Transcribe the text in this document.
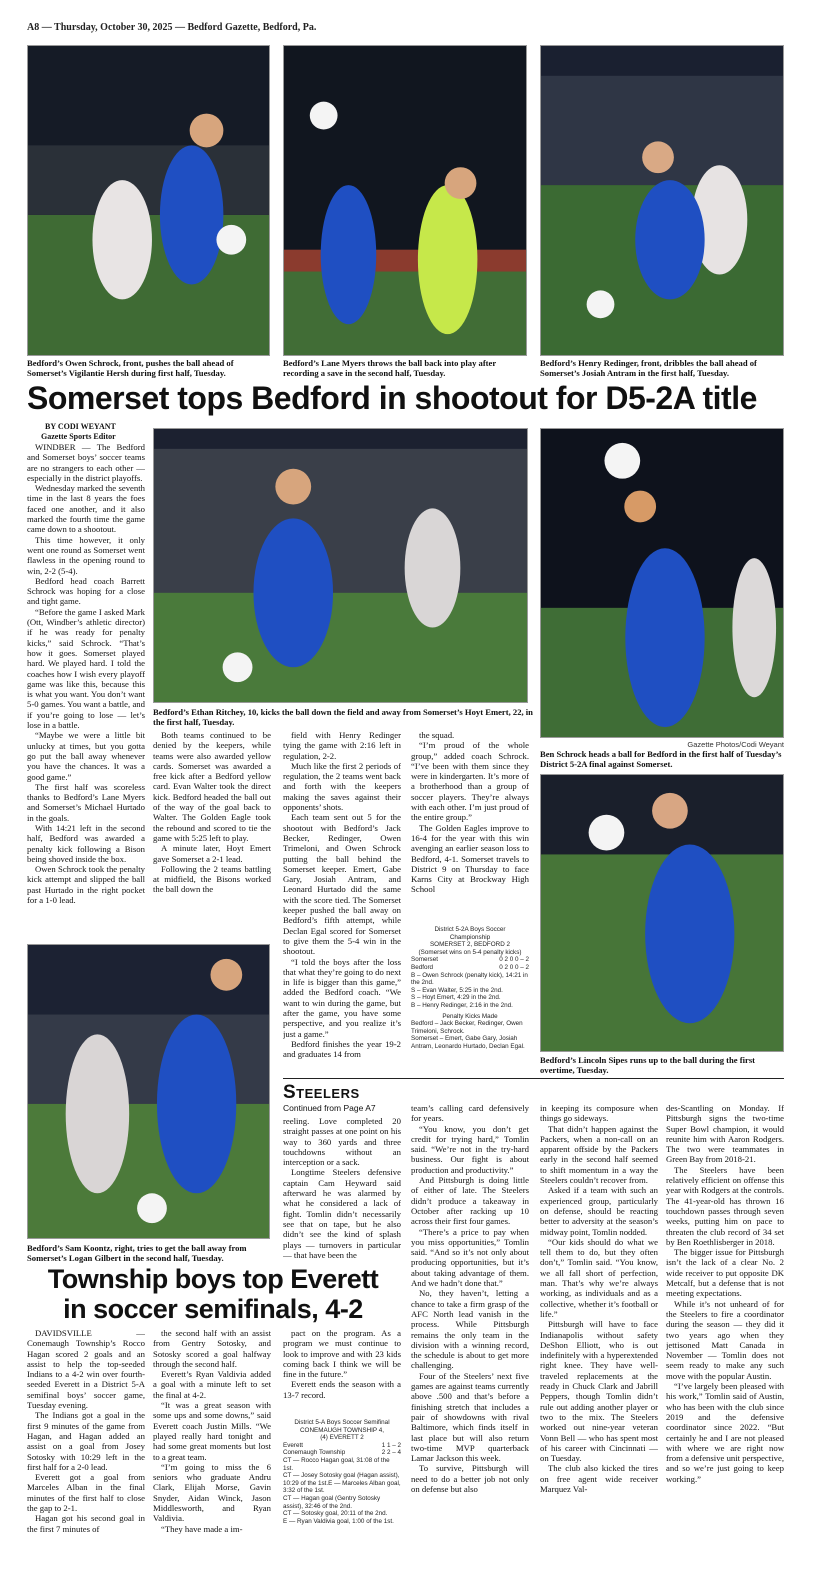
A8 — Thursday, October 30, 2025 — Bedford Gazette, Bedford, Pa.
Bedford’s Owen Schrock, front, pushes the ball ahead of Somerset’s Vigilantie Hersh during first half, Tuesday.
Bedford’s Lane Myers throws the ball back into play after recording a save in the second half, Tuesday.
Bedford’s Henry Redinger, front, dribbles the ball ahead of Somerset’s Josiah Antram in the first half, Tuesday.
Somerset tops Bedford in shootout for D5-2A title
Bedford’s Ethan Ritchey, 10, kicks the ball down the field and away from Somerset’s Hoyt Emert, 22, in the first half, Tuesday.
Gazette Photos/Codi Weyant
Ben Schrock heads a ball for Bedford in the first half of Tuesday’s District 5-2A final against Somerset.
Bedford’s Lincoln Sipes runs up to the ball during the first overtime, Tuesday.
Bedford’s Sam Koontz, right, tries to get the ball away from Somerset’s Logan Gilbert in the second half, Tuesday.
BY CODI WEYANT
Gazette Sports Editor

WINDBER — The Bedford and Somerset boys’ soccer teams are no strangers to each other — especially in the district playoffs.

Wednesday marked the seventh time in the last 8 years the foes faced one another, and it also marked the fourth time the game came down to a shootout.

This time however, it only went one round as Somerset went flawless in the opening round to win, 2-2 (5-4).

Bedford head coach Barrett Schrock was hoping for a close and tight game.

“Before the game I asked Mark (Ott, Windber’s athletic director) if he was ready for penalty kicks,” said Schrock. “That’s how it goes. Somerset played hard. We played hard. I told the coaches how I wish every playoff game was like this, because this is what you want. You don’t want 5-0 games. You want a battle, and if you’re going to lose — let’s lose in a battle.

“Maybe we were a little bit unlucky at times, but you gotta go put the ball away whenever you have the chances. It was a good game.”

The first half was scoreless thanks to Bedford’s Lane Myers and Somerset’s Michael Hurtado in the goals.

With 14:21 left in the second half, Bedford was awarded a penalty kick following a Bison being shoved inside the box.

Owen Schrock took the penalty kick attempt and slipped the ball past Hurtado in the right pocket for a 1-0 lead.

Both teams continued to be denied by the keepers, while teams were also awarded yellow cards. Somerset was awarded a free kick after a Bedford yellow card. Evan Walter took the direct kick. Bedford headed the ball out of the way of the goal back to Walter. The Golden Eagle took the rebound and scored to tie the game with 5:25 left to play.

A minute later, Hoyt Emert gave Somerset a 2-1 lead.

Following the 2 teams battling at midfield, the Bisons worked the ball down the

field with Henry Redinger tying the game with 2:16 left in regulation, 2-2.

Much like the first 2 periods of regulation, the 2 teams went back and forth with the keepers making the saves against their opponents’ shots.

Each team sent out 5 for the shootout with Bedford’s Jack Becker, Redinger, Owen Trimeloni, and Owen Schrock putting the ball behind the Somerset keeper. Emert, Gabe Gary, Josiah Antram, and Leonard Hurtado did the same with the score tied. The Somerset keeper pushed the ball away on Bedford’s fifth attempt, while Declan Egal scored for Somerset to give them the 5-4 win in the shootout.

“I told the boys after the loss that what they’re going to do next in life is bigger than this game,” added the Bedford coach. “We want to win during the game, but after the game, you have some perspective, and you realize it’s just a game.”

Bedford finishes the year 19-2 and graduates 14 from

the squad.

“I’m proud of the whole group,” added coach Schrock. “I’ve been with them since they were in kindergarten. It’s more of a brotherhood than a group of soccer players. They’re always with each other. I’m just proud of the entire group.”

The Golden Eagles improve to 16-4 for the year with this win avenging an earlier season loss to Bedford, 4-1. Somerset travels to District 9 on Thursday to face Karns City at Brockway High School

District 5-2A Boys Soccer
Championship
SOMERSET 2, BEDFORD 2
(Somerset wins on 5-4 penalty kicks)
Somerset	0 2 0 0 – 2
Bedford	0 2 0 0 – 2
B – Owen Schrock (penalty kick), 14:21 in the 2nd.
S – Evan Walter, 5:25 in the 2nd.
S – Hoyt Emert, 4:29 in the 2nd.
B – Henry Redinger, 2:16 in the 2nd.
Penalty Kicks Made
Bedford – Jack Becker, Redinger, Owen Trimeloni, Schrock.
Somerset – Emert, Gabe Gary, Josiah Antram, Leonardo Hurtado, Declan Egal.
Township boys top Everett
in soccer semifinals, 4-2

DAVIDSVILLE — Conemaugh Township’s Rocco Hagan scored 2 goals and an assist to help the top-seeded Indians to a 4-2 win over fourth-seeded Everett in a District 5-A semifinal boys’ soccer game, Tuesday evening.

The Indians got a goal in the first 9 minutes of the game from Hagan, and Hagan added an assist on a goal from Josey Sotosky with 10:29 left in the first half for a 2-0 lead.

Everett got a goal from Marceles Alban in the final minutes of the first half to close the gap to 2-1.

Hagan got his second goal in the first 7 minutes of

the second half with an assist from Gentry Sotosky, and Sotosky scored a goal halfway through the second half.

Everett’s Ryan Valdivia added a goal with a minute left to set the final at 4-2.

“It was a great season with some ups and some downs,” said Everett coach Justin Mills. “We played really hard tonight and had some great moments but lost to a great team.

“I’m going to miss the 6 seniors who graduate Andru Clark, Elijah Morse, Gavin Snyder, Aidan Winck, Jason Middlesworth, and Ryan Valdivia.

“They have made a im-

pact on the program. As a program we must continue to look to improve and with 23 kids coming back I think we will be fine in the future.”

Everett ends the season with a 13-7 record.

District 5-A Boys Soccer Semifinal
CONEMAUGH TOWNSHIP 4,
(4) EVERETT 2
Everett	1 1 – 2
Conemaugh Township	2 2 – 4
CT — Rocco Hagan goal, 31:08 of the 1st.
CT — Josey Sotosky goal (Hagan assist), 10:29 of the 1st.E — Marceles Alban goal, 3:32 of the 1st.
CT — Hagan goal (Gentry Sotosky assist), 32:46 of the 2nd.
CT — Sotosky goal, 20:11 of the 2nd.
E — Ryan Valdivia goal, 1:00 of the 1st.
Steelers
Continued from Page A7

reeling. Love completed 20 straight passes at one point on his way to 360 yards and three touchdowns without an interception or a sack.

Longtime Steelers defensive captain Cam Heyward said afterward he was alarmed by what he considered a lack of fight. Tomlin didn’t necessarily see that on tape, but he also didn’t see the kind of splash plays — turnovers in particular — that have been the

team’s calling card defensively for years.

“You know, you don’t get credit for trying hard,” Tomlin said. “We’re not in the try-hard business. Our fight is about production and productivity.”

And Pittsburgh is doing little of either of late. The Steelers didn’t produce a takeaway in October after racking up 10 across their first four games.

“There’s a price to pay when you miss opportunities,” Tomlin said. “And so it’s not only about producing opportunities, but it’s about taking advantage of them. And we hadn’t done that.”

No, they haven’t, letting a chance to take a firm grasp of the AFC North lead vanish in the process. While Pittsburgh remains the only team in the division with a winning record, the schedule is about to get more challenging.

Four of the Steelers’ next five games are against teams currently above .500 and that’s before a finishing stretch that includes a pair of showdowns with rival Baltimore, which finds itself in last place but will also return two-time MVP quarterback Lamar Jackson this week.

To survive, Pittsburgh will need to do a better job not only on defense but also

in keeping its composure when things go sideways.

That didn’t happen against the Packers, when a non-call on an apparent offside by the Packers early in the second half seemed to shift momentum in a way the Steelers couldn’t recover from.

Asked if a team with such an experienced group, particularly on defense, should be reacting better to adversity at the season’s midway point, Tomlin nodded.

“Our kids should do what we tell them to do, but they often don’t,” Tomlin said. “You know, we all fall short of perfection, man. That’s why we’re always working, as individuals and as a collective, whether it’s football or life.”

Pittsburgh will have to face Indianapolis without safety DeShon Elliott, who is out indefinitely with a hyperextended right knee. They have well-traveled replacements at the ready in Chuck Clark and Jabrill Peppers, though Tomlin didn’t rule out adding another player or two to the mix. The Steelers worked out nine-year veteran Vonn Bell — who has spent most of his career with Cincinnati — on Tuesday.

The club also kicked the tires on free agent wide receiver Marquez Val-

des-Scantling on Monday. If Pittsburgh signs the two-time Super Bowl champion, it would reunite him with Aaron Rodgers. The two were teammates in Green Bay from 2018-21.

The Steelers have been relatively efficient on offense this year with Rodgers at the controls. The 41-year-old has thrown 16 touchdown passes through seven weeks, putting him on pace to threaten the club record of 34 set by Ben Roethlisberger in 2018.

The bigger issue for Pittsburgh isn’t the lack of a clear No. 2 wide receiver to put opposite DK Metcalf, but a defense that is not meeting expectations.

While it’s not unheard of for the Steelers to fire a coordinator during the season — they did it two years ago when they jettisoned Matt Canada in November — Tomlin does not seem ready to make any such move with the popular Austin.

“I’ve largely been pleased with his work,” Tomlin said of Austin, who has been with the club since 2019 and the defensive coordinator since 2022. “But certainly he and I are not pleased with where we are right now from a defensive unit perspective, and so we’re just going to keep working.”
